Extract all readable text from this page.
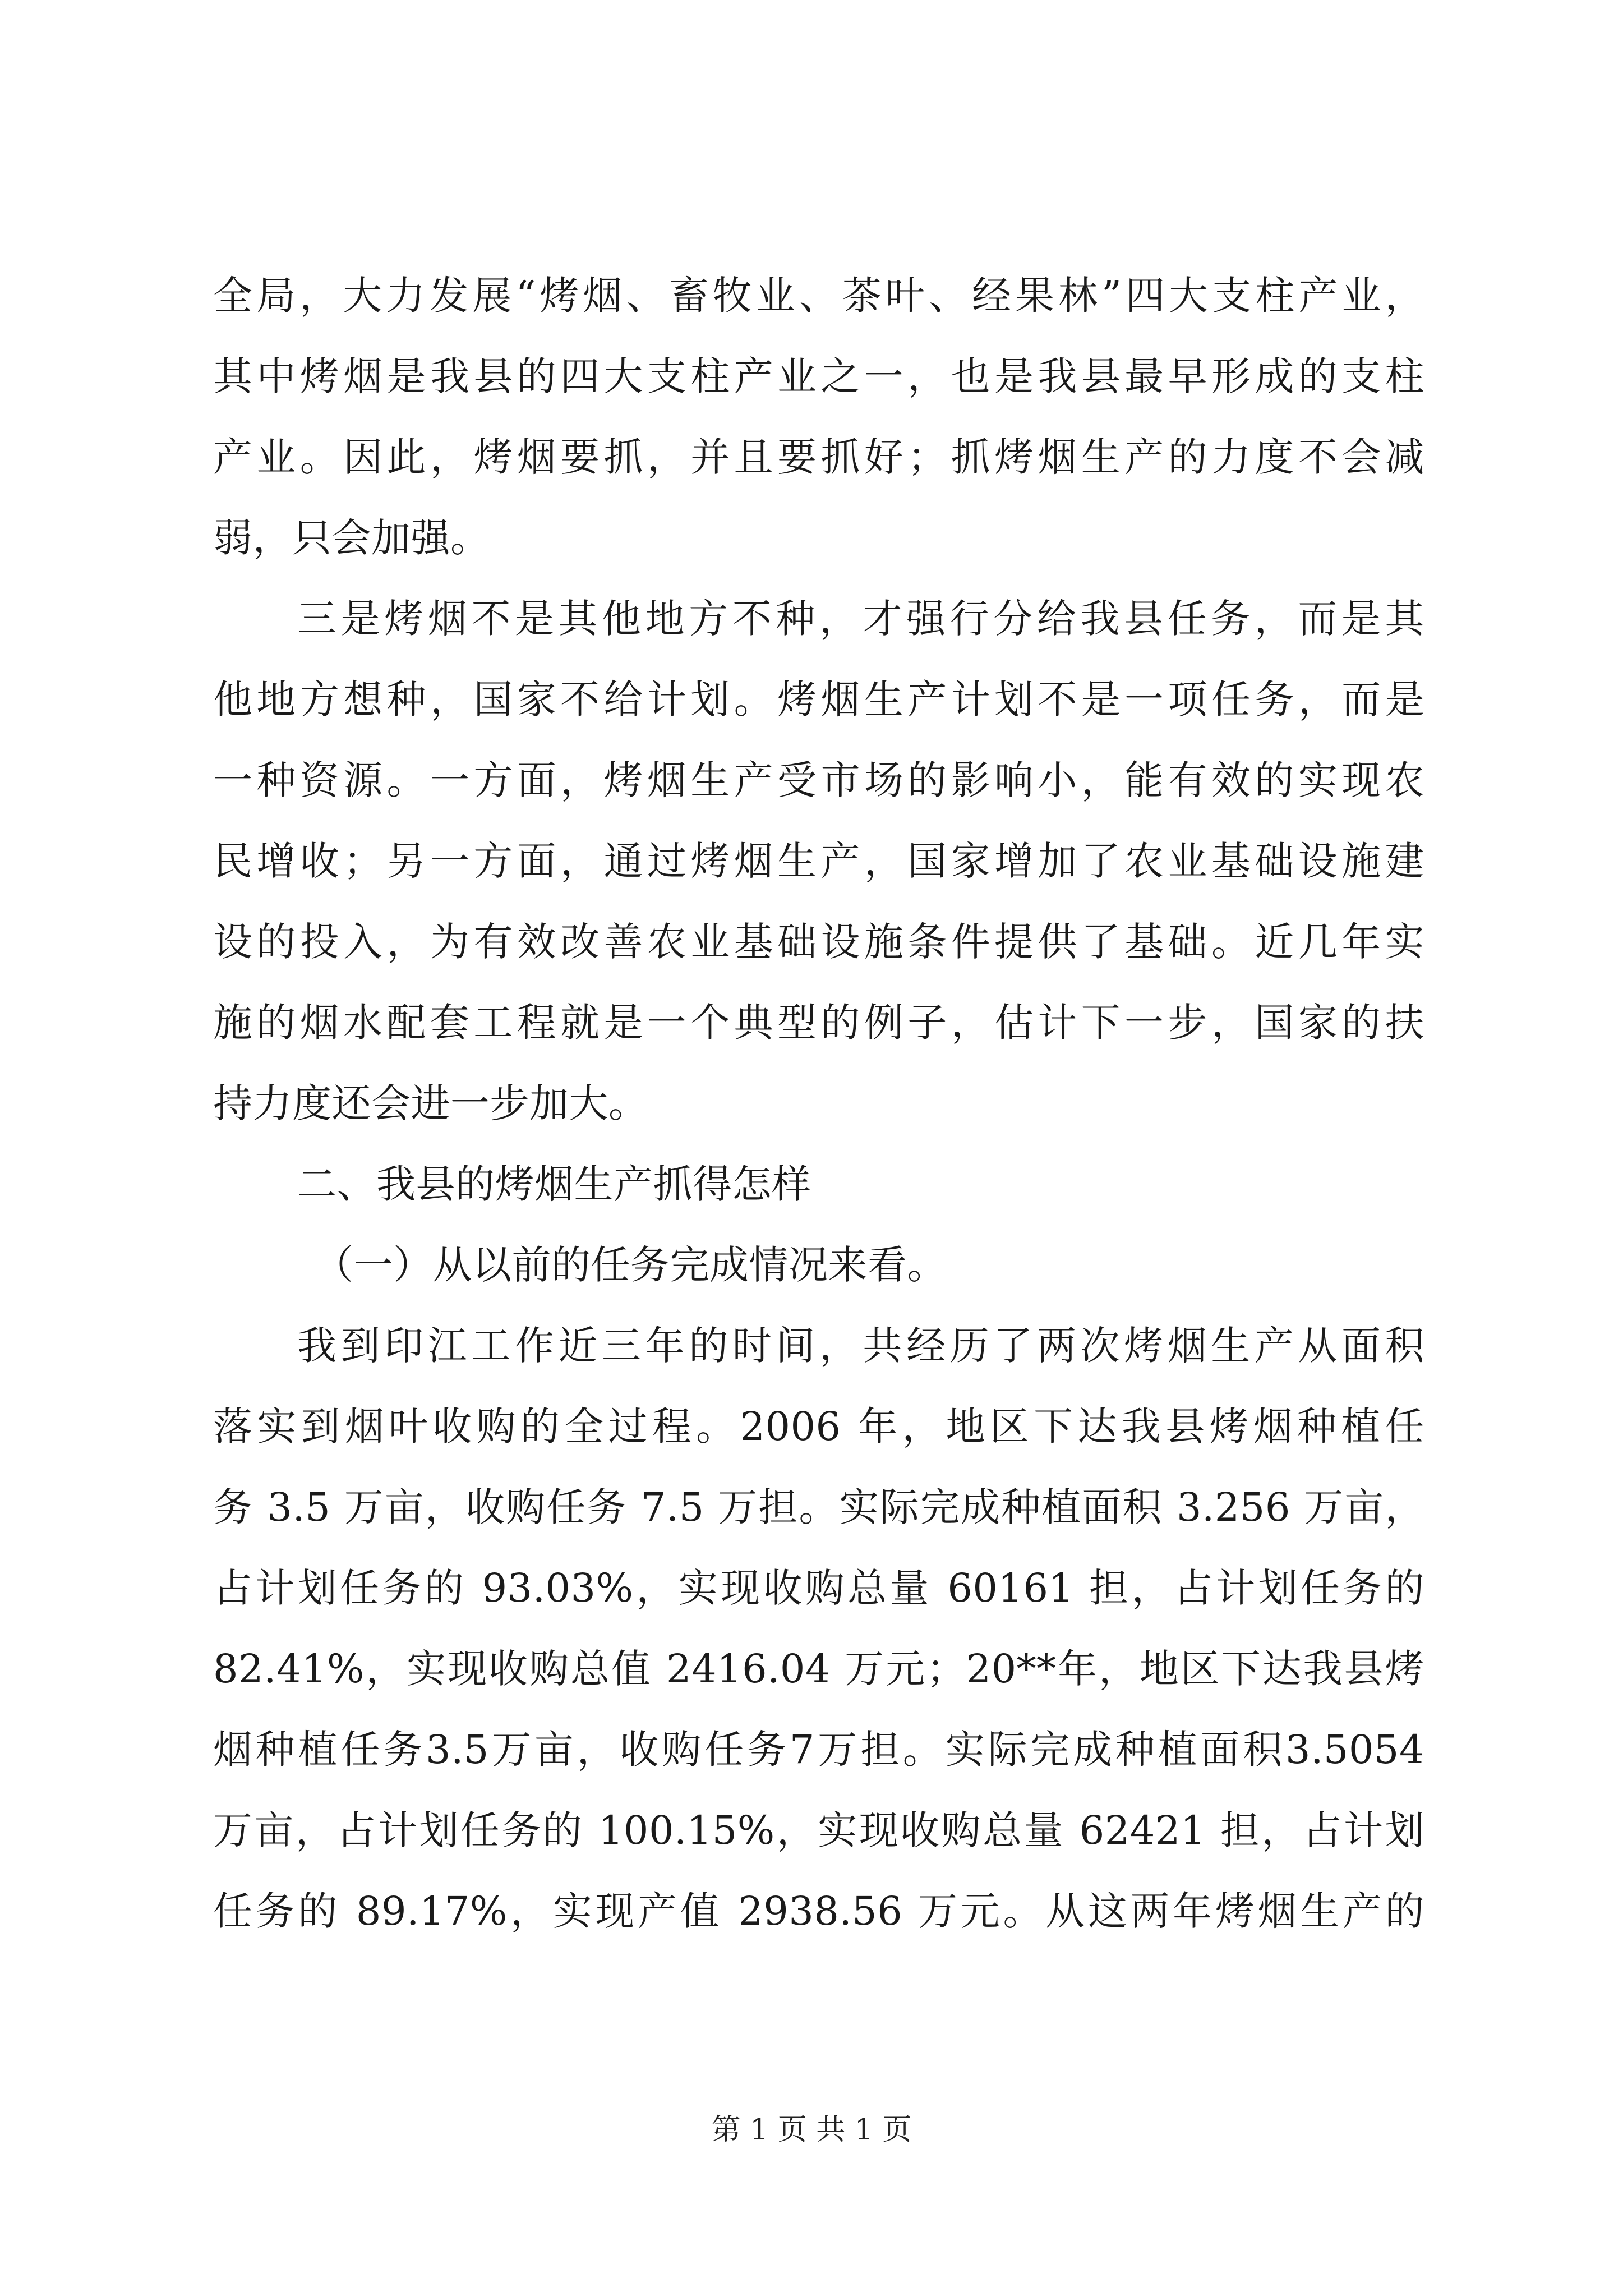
全局，大力发展“烤烟、畜牧业、茶叶、经果林”四大支柱产业，
其中烤烟是我县的四大支柱产业之一，也是我县最早形成的支柱
产业。因此，烤烟要抓，并且要抓好；抓烤烟生产的力度不会减
弱，只会加强。
三是烤烟不是其他地方不种，才强行分给我县任务，而是其
他地方想种，国家不给计划。烤烟生产计划不是一项任务，而是
一种资源。一方面，烤烟生产受市场的影响小，能有效的实现农
民增收；另一方面，通过烤烟生产，国家增加了农业基础设施建
设的投入，为有效改善农业基础设施条件提供了基础。近几年实
施的烟水配套工程就是一个典型的例子，估计下一步，国家的扶
持力度还会进一步加大。
二、我县的烤烟生产抓得怎样
（一）从以前的任务完成情况来看。
我到印江工作近三年的时间，共经历了两次烤烟生产从面积
落实到烟叶收购的全过程。2006 年，地区下达我县烤烟种植任
务 3.5 万亩，收购任务 7.5 万担。实际完成种植面积 3.256 万亩，
占计划任务的 93.03%，实现收购总量 60161 担，占计划任务的
82.41%，实现收购总值 2416.04 万元；20**年，地区下达我县烤
烟种植任务3.5万亩，收购任务7万担。实际完成种植面积3.5054
万亩，占计划任务的 100.15%，实现收购总量 62421 担，占计划
任务的 89.17%，实现产值 2938.56 万元。从这两年烤烟生产的
第 1 页 共 1 页
